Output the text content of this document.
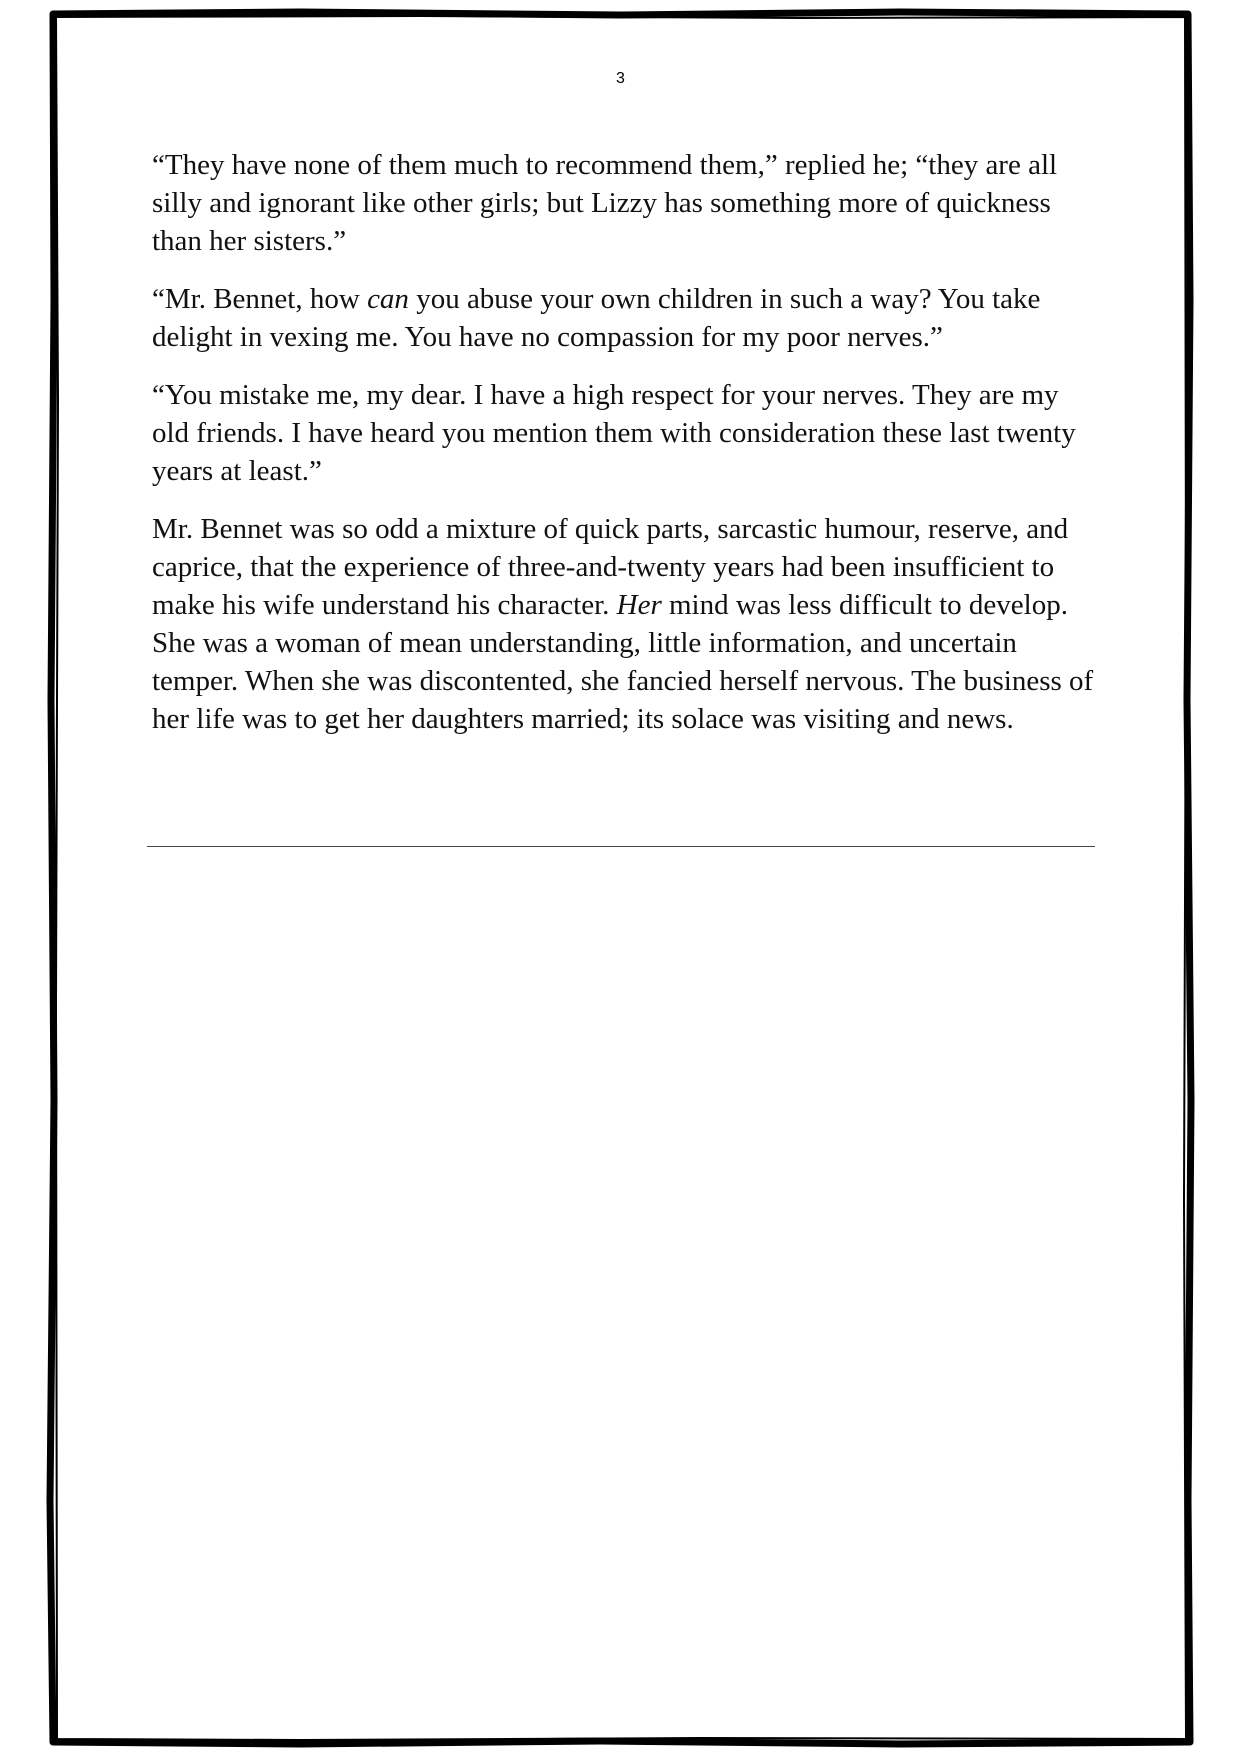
3

“They have none of them much to recommend them,” replied he; “they are all silly and ignorant like other girls; but Lizzy has something more of quickness than her sisters.”

“Mr. Bennet, how can you abuse your own children in such a way? You take delight in vexing me. You have no compassion for my poor nerves.”

“You mistake me, my dear. I have a high respect for your nerves. They are my old friends. I have heard you mention them with consideration these last twenty years at least.”

Mr. Bennet was so odd a mixture of quick parts, sarcastic humour, reserve, and caprice, that the experience of three-and-twenty years had been insufficient to make his wife understand his character. Her mind was less difficult to develop. She was a woman of mean understanding, little information, and uncertain temper. When she was discontented, she fancied herself nervous. The business of her life was to get her daughters married; its solace was visiting and news.
